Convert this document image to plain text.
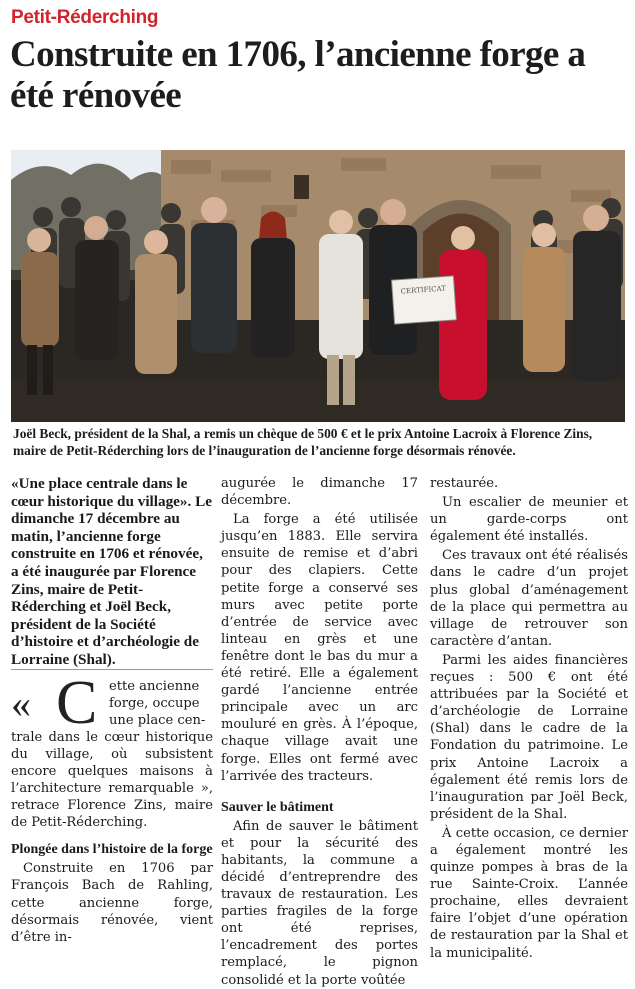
Petit-Réderching
Construite en 1706, l’ancienne forge a été rénovée
CERTIFICAT

Joël Beck, président de la Shal, a remis un chèque de 500 € et le prix Antoine Lacroix à Florence Zins, maire de Petit-Réderching lors de l’inauguration de l’ancienne forge désormais rénovée.

«Une place centrale dans le cœur historique du village». Le dimanche 17 décembre au matin, l’ancienne forge construite en 1706 et rénovée, a été inaugurée par Florence Zins, maire de Petit-Réderching et Joël Beck, président de la Société d’histoire et d’archéologie de Lorraine (Shal).

« C ette ancienne
forge, occupe
une place cen-

trale dans le cœur historique du village, où subsistent encore quelques maisons à l’architecture remarquable », retrace Florence Zins, maire de Petit-Réderching.

Plongée dans l’histoire de la forge

Construite en 1706 par François Bach de Rahling, cette ancienne forge, désormais rénovée, vient d’être in-

augurée le dimanche 17 décembre.

La forge a été utilisée jusqu’en 1883. Elle servira ensuite de remise et d’abri pour des clapiers. Cette petite forge a conservé ses murs avec petite porte d’entrée de service avec linteau en grès et une fenêtre dont le bas du mur a été retiré. Elle a également gardé l’ancienne entrée principale avec un arc mouluré en grès. À l’époque, chaque village avait une forge. Elles ont fermé avec l’arrivée des tracteurs.

Sauver le bâtiment

Afin de sauver le bâtiment et pour la sécurité des habitants, la commune a décidé d’entreprendre des travaux de restauration. Les parties fragiles de la forge ont été reprises, l’encadrement des portes remplacé, le pignon consolidé et la porte voûtée

restaurée.

Un escalier de meunier et un garde-corps ont également été installés.

Ces travaux ont été réalisés dans le cadre d’un projet plus global d’aménagement de la place qui permettra au village de retrouver son caractère d’antan.

Parmi les aides financières reçues : 500 € ont été attribuées par la Société et d’archéologie de Lorraine (Shal) dans le cadre de la Fondation du patrimoine. Le prix Antoine Lacroix a également été remis lors de l’inauguration par Joël Beck, président de la Shal.

À cette occasion, ce dernier a également montré les quinze pompes à bras de la rue Sainte-Croix. L’année prochaine, elles devraient faire l’objet d’une opération de restauration par la Shal et la municipalité.
